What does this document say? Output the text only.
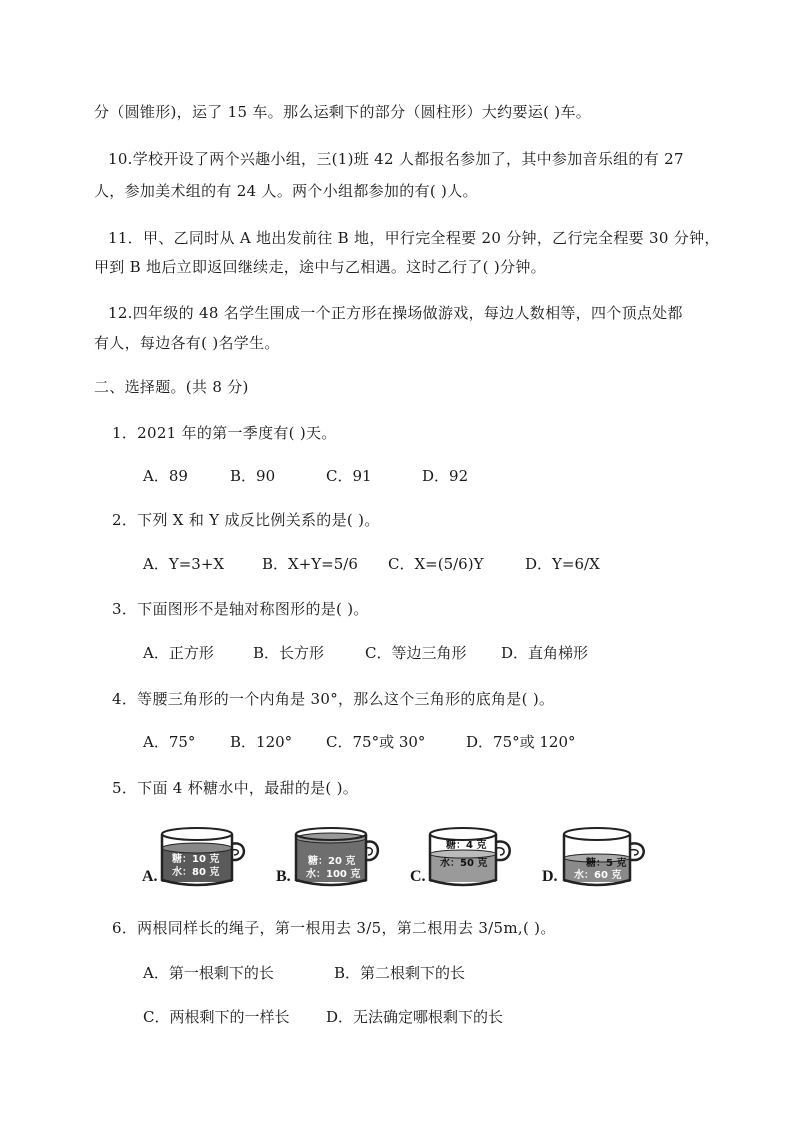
分（圆锥形)，运了 15 车。那么运剩下的部分（圆柱形）大约要运( )车。
10.学校开设了两个兴趣小组，三(1)班 42 人都报名参加了，其中参加音乐组的有 27
人，参加美术组的有 24 人。两个小组都参加的有( )人。
11．甲、乙同时从 A 地出发前往 B 地，甲行完全程要 20 分钟，乙行完全程要 30 分钟，
甲到 B 地后立即返回继续走，途中与乙相遇。这时乙行了( )分钟。
12.四年级的 48 名学生围成一个正方形在操场做游戏，每边人数相等，四个顶点处都
有人，每边各有( )名学生。
二、选择题。(共 8 分)
1．2021 年的第一季度有( )天。
A．89	B．90	C．91	D．92
2．下列 X 和 Y 成反比例关系的是( )。
A．Y=3+X	B．X+Y=5/6 C．X=(5/6)Y	D．Y=6/X
3．下面图形不是轴对称图形的是( )。
A．正方形	B．长方形	C．等边三角形 D．直角梯形
4．等腰三角形的一个内角是 30°，那么这个三角形的底角是( )。
A．75° B．120° C．75°或 30°	D．75°或 120°
5．下面 4 杯糖水中，最甜的是( )。
A.
糖：10 克
水：80 克	B.
糖：20 克
水：100 克	C.
糖：4 克
水：50 克
D.
糖：5 克
水：60 克
6．两根同样长的绳子，第一根用去 3/5，第二根用去 3/5m,( )。
A．第一根剩下的长	B．第二根剩下的长
C．两根剩下的一样长 D．无法确定哪根剩下的长
